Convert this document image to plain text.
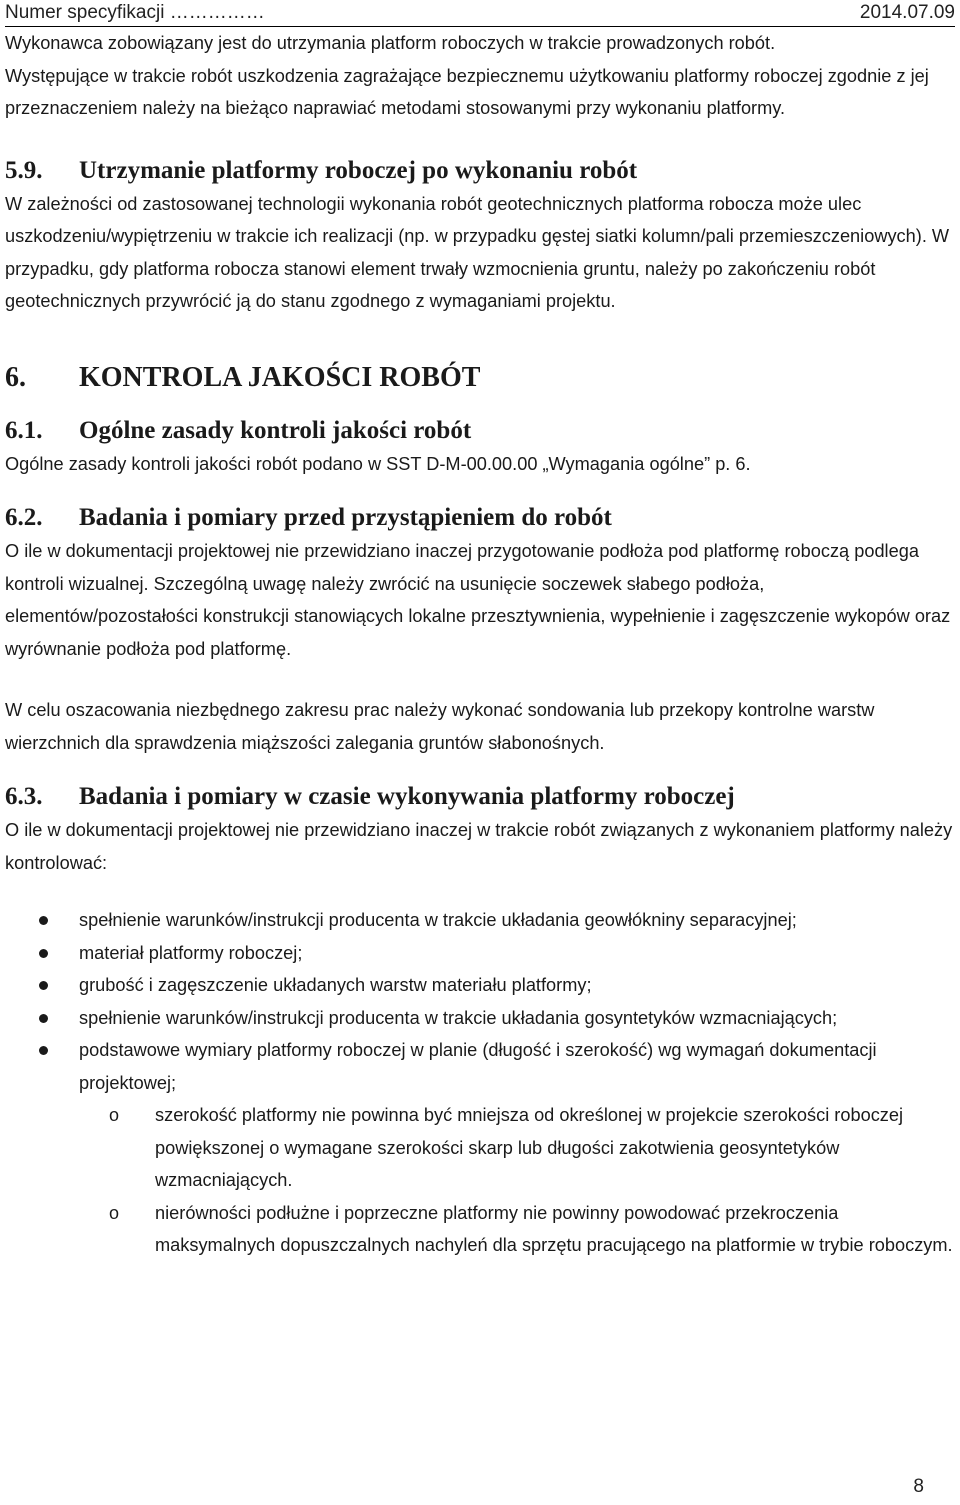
Numer specyfikacji ……………	2014.07.09

Wykonawca zobowiązany jest do utrzymania platform roboczych w trakcie prowadzonych robót.

Występujące w trakcie robót uszkodzenia zagrażające bezpiecznemu użytkowaniu platformy roboczej zgodnie z jej przeznaczeniem należy na bieżąco naprawiać metodami stosowanymi przy wykonaniu platformy.

5.9.	Utrzymanie platformy roboczej po wykonaniu robót

W zależności od zastosowanej technologii wykonania robót geotechnicznych platforma robocza może ulec uszkodzeniu/wypiętrzeniu w trakcie ich realizacji (np. w przypadku gęstej siatki kolumn/pali przemieszczeniowych). W przypadku, gdy platforma robocza stanowi element trwały wzmocnienia gruntu, należy po zakończeniu robót geotechnicznych przywrócić ją do stanu zgodnego z wymaganiami projektu.

6.	KONTROLA JAKOŚCI ROBÓT
6.1.	Ogólne zasady kontroli jakości robót

Ogólne zasady kontroli jakości robót podano w SST D-M-00.00.00 „Wymagania ogólne” p. 6.

6.2.	Badania i pomiary przed przystąpieniem do robót

O ile w dokumentacji projektowej nie przewidziano inaczej przygotowanie podłoża pod platformę roboczą podlega kontroli wizualnej. Szczególną uwagę należy zwrócić na usunięcie soczewek słabego podłoża, elementów/pozostałości konstrukcji stanowiących lokalne przesztywnienia, wypełnienie i zagęszczenie wykopów oraz wyrównanie podłoża pod platformę.

W celu oszacowania niezbędnego zakresu prac należy wykonać sondowania lub przekopy kontrolne warstw wierzchnich dla sprawdzenia miąższości zalegania gruntów słabonośnych.

6.3.	Badania i pomiary w czasie wykonywania platformy roboczej

O ile w dokumentacji projektowej nie przewidziano inaczej w trakcie robót związanych z wykonaniem platformy należy kontrolować:

spełnienie warunków/instrukcji producenta w trakcie układania geowłókniny separacyjnej;
materiał platformy roboczej;
grubość i zagęszczenie układanych warstw materiału platformy;
spełnienie warunków/instrukcji producenta w trakcie układania gosyntetyków wzmacniających;
podstawowe wymiary platformy roboczej w planie (długość i szerokość) wg wymagań dokumentacji projektowej;
o szerokość platformy nie powinna być mniejsza od określonej w projekcie szerokości roboczej powiększonej o wymagane szerokości skarp lub długości zakotwienia geosyntetyków wzmacniających.
o nierówności podłużne i poprzeczne platformy nie powinny powodować przekroczenia maksymalnych dopuszczalnych nachyleń dla sprzętu pracującego na platformie w trybie roboczym.
8
